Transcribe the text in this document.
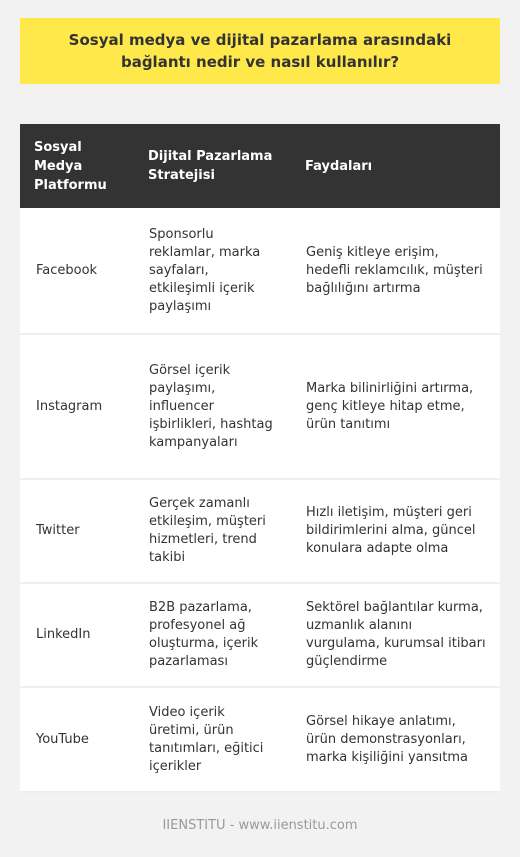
Sosyal medya ve dijital pazarlama arasındaki bağlantı nedir ve nasıl kullanılır?
Sosyal Medya Platformu	Dijital Pazarlama Stratejisi	Faydaları
Facebook	Sponsorlu reklamlar, marka sayfaları, etkileşimli içerik paylaşımı	Geniş kitleye erişim, hedefli reklamcılık, müşteri bağlılığını artırma
Instagram	Görsel içerik paylaşımı, influencer işbirlikleri, hashtag kampanyaları	Marka bilinirliğini artırma, genç kitleye hitap etme, ürün tanıtımı
Twitter	Gerçek zamanlı etkileşim, müşteri hizmetleri, trend takibi	Hızlı iletişim, müşteri geri bildirimlerini alma, güncel konulara adapte olma
LinkedIn	B2B pazarlama, profesyonel ağ oluşturma, içerik pazarlaması	Sektörel bağlantılar kurma, uzmanlık alanını vurgulama, kurumsal itibarı güçlendirme
YouTube	Video içerik üretimi, ürün tanıtımları, eğitici içerikler	Görsel hikaye anlatımı, ürün demonstrasyonları, marka kişiliğini yansıtma
IIENSTITU - www.iienstitu.com
